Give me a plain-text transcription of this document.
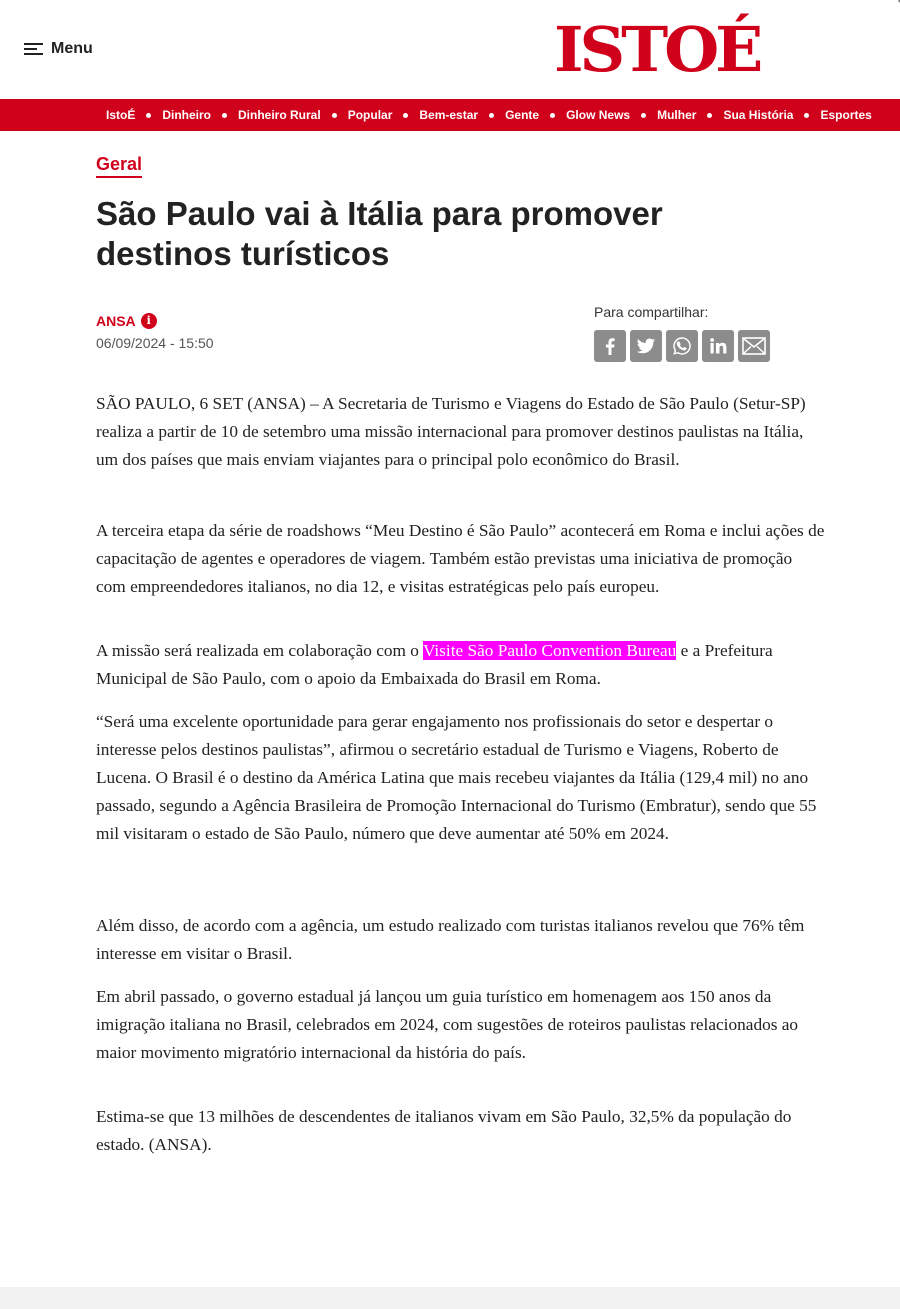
Menu	ISTOÉ
'
IstoÉ Dinheiro Dinheiro Rural Popular Bem-estar Gente Glow News Mulher Sua História Esportes
Geral
São Paulo vai à Itália para promover destinos turísticos
ANSA i
06/09/2024 - 15:50
Para compartilhar:

SÃO PAULO, 6 SET (ANSA) – A Secretaria de Turismo e Viagens do Estado de São Paulo (Setur-SP) realiza a partir de 10 de setembro uma missão internacional para promover destinos paulistas na Itália, um dos países que mais enviam viajantes para o principal polo econômico do Brasil.

A terceira etapa da série de roadshows “Meu Destino é São Paulo” acontecerá em Roma e inclui ações de capacitação de agentes e operadores de viagem. Também estão previstas uma iniciativa de promoção com empreendedores italianos, no dia 12, e visitas estratégicas pelo país europeu.

A missão será realizada em colaboração com o Visite São Paulo Convention Bureau e a Prefeitura Municipal de São Paulo, com o apoio da Embaixada do Brasil em Roma.

“Será uma excelente oportunidade para gerar engajamento nos profissionais do setor e despertar o interesse pelos destinos paulistas”, afirmou o secretário estadual de Turismo e Viagens, Roberto de Lucena. O Brasil é o destino da América Latina que mais recebeu viajantes da Itália (129,4 mil) no ano passado, segundo a Agência Brasileira de Promoção Internacional do Turismo (Embratur), sendo que 55 mil visitaram o estado de São Paulo, número que deve aumentar até 50% em 2024.

Além disso, de acordo com a agência, um estudo realizado com turistas italianos revelou que 76% têm interesse em visitar o Brasil.

Em abril passado, o governo estadual já lançou um guia turístico em homenagem aos 150 anos da imigração italiana no Brasil, celebrados em 2024, com sugestões de roteiros paulistas relacionados ao maior movimento migratório internacional da história do país.

Estima-se que 13 milhões de descendentes de italianos vivam em São Paulo, 32,5% da população do estado. (ANSA).
